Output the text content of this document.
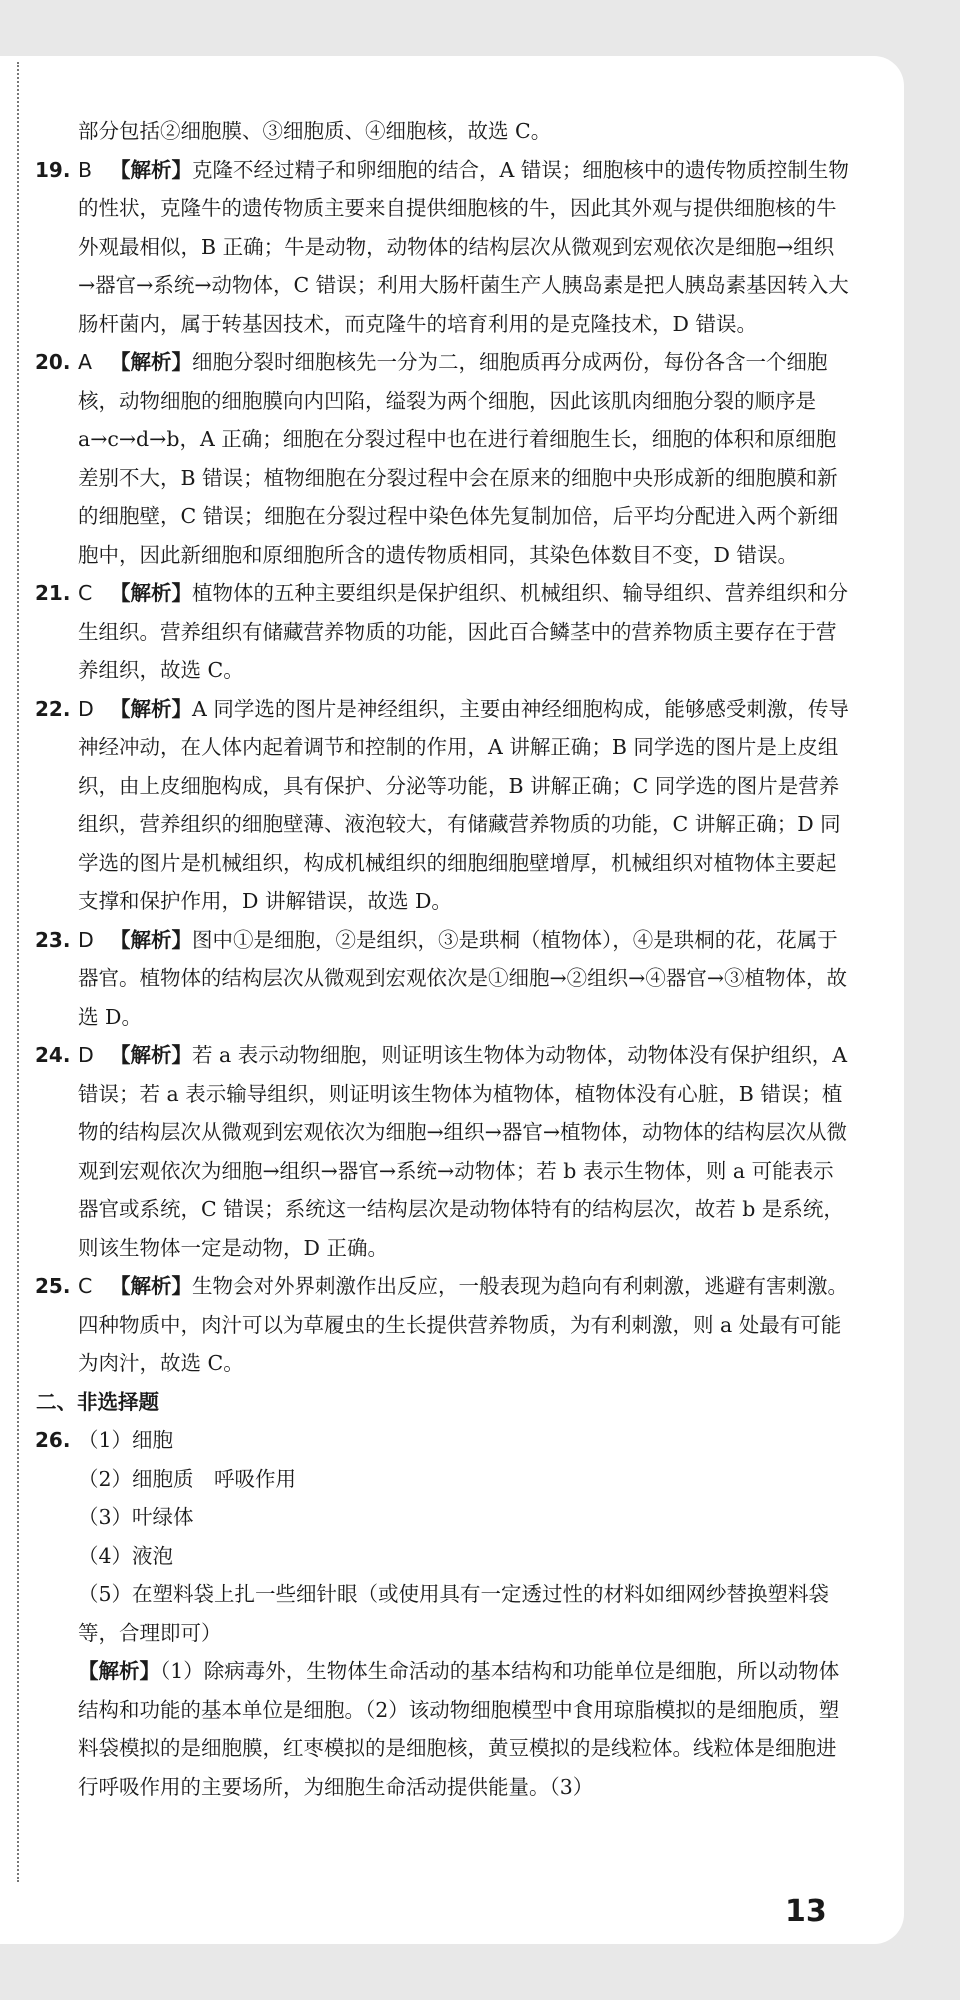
部分包括②细胞膜、③细胞质、④细胞核，故选 C。

19. B 【解析】克隆不经过精子和卵细胞的结合，A 错误；细胞核中的遗传物质控制生物的性状，克隆牛的遗传物质主要来自提供细胞核的牛，因此其外观与提供细胞核的牛外观最相似，B 正确；牛是动物，动物体的结构层次从微观到宏观依次是细胞→组织→器官→系统→动物体，C 错误；利用大肠杆菌生产人胰岛素是把人胰岛素基因转入大肠杆菌内，属于转基因技术，而克隆牛的培育利用的是克隆技术，D 错误。
20. A 【解析】细胞分裂时细胞核先一分为二，细胞质再分成两份，每份各含一个细胞核，动物细胞的细胞膜向内凹陷，缢裂为两个细胞，因此该肌肉细胞分裂的顺序是 a→c→d→b，A 正确；细胞在分裂过程中也在进行着细胞生长，细胞的体积和原细胞差别不大，B 错误；植物细胞在分裂过程中会在原来的细胞中央形成新的细胞膜和新的细胞壁，C 错误；细胞在分裂过程中染色体先复制加倍，后平均分配进入两个新细胞中，因此新细胞和原细胞所含的遗传物质相同，其染色体数目不变，D 错误。
21. C 【解析】植物体的五种主要组织是保护组织、机械组织、输导组织、营养组织和分生组织。营养组织有储藏营养物质的功能，因此百合鳞茎中的营养物质主要存在于营养组织，故选 C。
22. D 【解析】A 同学选的图片是神经组织，主要由神经细胞构成，能够感受刺激，传导神经冲动，在人体内起着调节和控制的作用，A 讲解正确；B 同学选的图片是上皮组织，由上皮细胞构成，具有保护、分泌等功能，B 讲解正确；C 同学选的图片是营养组织，营养组织的细胞壁薄、液泡较大，有储藏营养物质的功能，C 讲解正确；D 同学选的图片是机械组织，构成机械组织的细胞细胞壁增厚，机械组织对植物体主要起支撑和保护作用，D 讲解错误，故选 D。
23. D 【解析】图中①是细胞，②是组织，③是珙桐（植物体），④是珙桐的花，花属于器官。植物体的结构层次从微观到宏观依次是①细胞→②组织→④器官→③植物体，故选 D。
24. D 【解析】若 a 表示动物细胞，则证明该生物体为动物体，动物体没有保护组织，A 错误；若 a 表示输导组织，则证明该生物体为植物体，植物体没有心脏，B 错误；植物的结构层次从微观到宏观依次为细胞→组织→器官→植物体，动物体的结构层次从微观到宏观依次为细胞→组织→器官→系统→动物体；若 b 表示生物体，则 a 可能表示器官或系统，C 错误；系统这一结构层次是动物体特有的结构层次，故若 b 是系统，则该生物体一定是动物，D 正确。
25. C 【解析】生物会对外界刺激作出反应，一般表现为趋向有利刺激，逃避有害刺激。四种物质中，肉汁可以为草履虫的生长提供营养物质，为有利刺激，则 a 处最有可能为肉汁，故选 C。
二、非选择题
26. （1）细胞
（2）细胞质　呼吸作用
（3）叶绿体
（4）液泡
（5）在塑料袋上扎一些细针眼（或使用具有一定透过性的材料如细网纱替换塑料袋等，合理即可）
【解析】（1）除病毒外，生物体生命活动的基本结构和功能单位是细胞，所以动物体结构和功能的基本单位是细胞。（2）该动物细胞模型中食用琼脂模拟的是细胞质，塑料袋模拟的是细胞膜，红枣模拟的是细胞核，黄豆模拟的是线粒体。线粒体是细胞进行呼吸作用的主要场所，为细胞生命活动提供能量。（3）
13
